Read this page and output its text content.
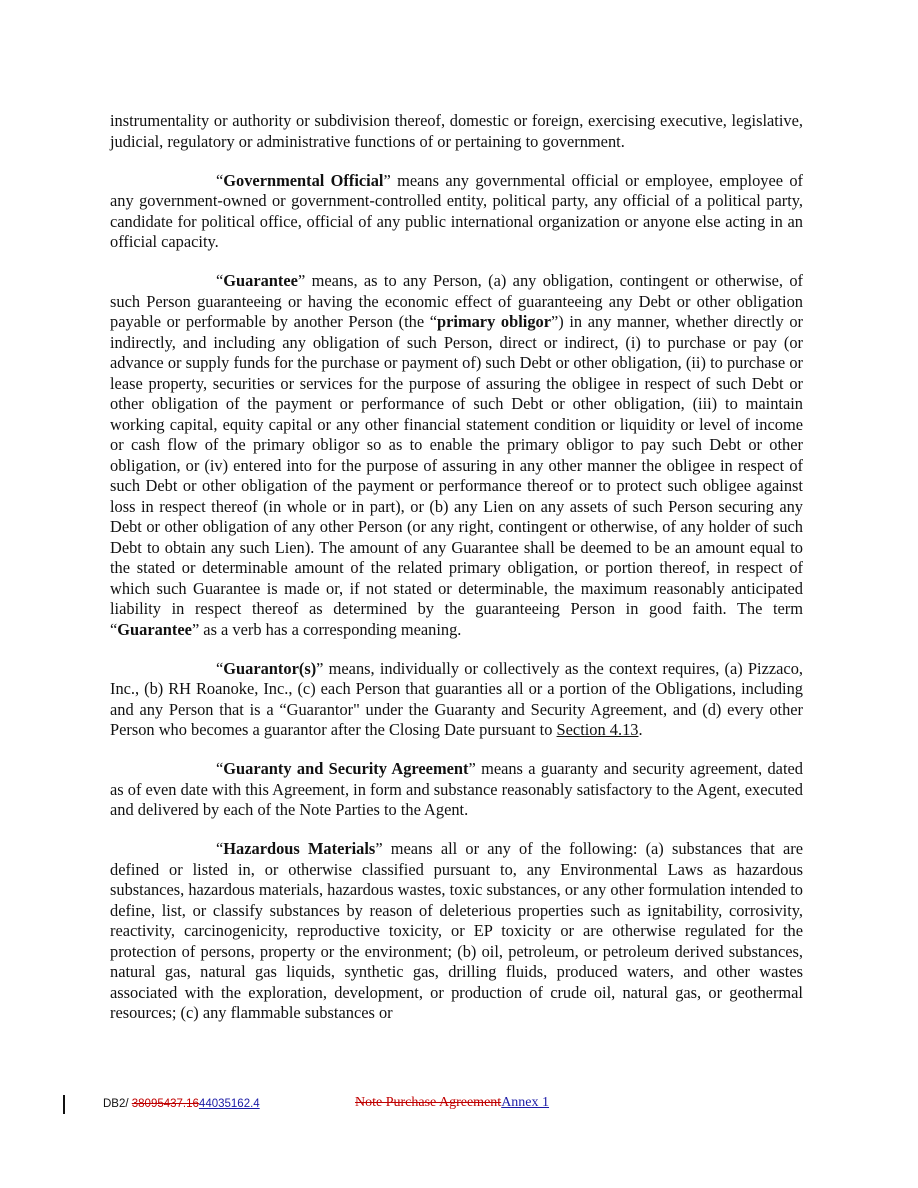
instrumentality or authority or subdivision thereof, domestic or foreign, exercising executive, legislative, judicial, regulatory or administrative functions of or pertaining to government.

“Governmental Official” means any governmental official or employee, employee of any government-owned or government-controlled entity, political party, any official of a political party, candidate for political office, official of any public international organization or anyone else acting in an official capacity.

“Guarantee” means, as to any Person, (a) any obligation, contingent or otherwise, of such Person guaranteeing or having the economic effect of guaranteeing any Debt or other obligation payable or performable by another Person (the “primary obligor”) in any manner, whether directly or indirectly, and including any obligation of such Person, direct or indirect, (i) to purchase or pay (or advance or supply funds for the purchase or payment of) such Debt or other obligation, (ii) to purchase or lease property, securities or services for the purpose of assuring the obligee in respect of such Debt or other obligation of the payment or performance of such Debt or other obligation, (iii) to maintain working capital, equity capital or any other financial statement condition or liquidity or level of income or cash flow of the primary obligor so as to enable the primary obligor to pay such Debt or other obligation, or (iv) entered into for the purpose of assuring in any other manner the obligee in respect of such Debt or other obligation of the payment or performance thereof or to protect such obligee against loss in respect thereof (in whole or in part), or (b) any Lien on any assets of such Person securing any Debt or other obligation of any other Person (or any right, contingent or otherwise, of any holder of such Debt to obtain any such Lien). The amount of any Guarantee shall be deemed to be an amount equal to the stated or determinable amount of the related primary obligation, or portion thereof, in respect of which such Guarantee is made or, if not stated or determinable, the maximum reasonably anticipated liability in respect thereof as determined by the guaranteeing Person in good faith. The term “Guarantee” as a verb has a corresponding meaning.

“Guarantor(s)” means, individually or collectively as the context requires, (a) Pizzaco, Inc., (b) RH Roanoke, Inc., (c) each Person that guaranties all or a portion of the Obligations, including and any Person that is a “Guarantor" under the Guaranty and Security Agreement, and (d) every other Person who becomes a guarantor after the Closing Date pursuant to Section 4.13.

“Guaranty and Security Agreement” means a guaranty and security agreement, dated as of even date with this Agreement, in form and substance reasonably satisfactory to the Agent, executed and delivered by each of the Note Parties to the Agent.

“Hazardous Materials” means all or any of the following: (a) substances that are defined or listed in, or otherwise classified pursuant to, any Environmental Laws as hazardous substances, hazardous materials, hazardous wastes, toxic substances, or any other formulation intended to define, list, or classify substances by reason of deleterious properties such as ignitability, corrosivity, reactivity, carcinogenicity, reproductive toxicity, or EP toxicity or are otherwise regulated for the protection of persons, property or the environment; (b) oil, petroleum, or petroleum derived substances, natural gas, natural gas liquids, synthetic gas, drilling fluids, produced waters, and other wastes associated with the exploration, development, or production of crude oil, natural gas, or geothermal resources; (c) any flammable substances or

DB2/ 38095437.1644035162.4	Note Purchase AgreementAnnex 1
